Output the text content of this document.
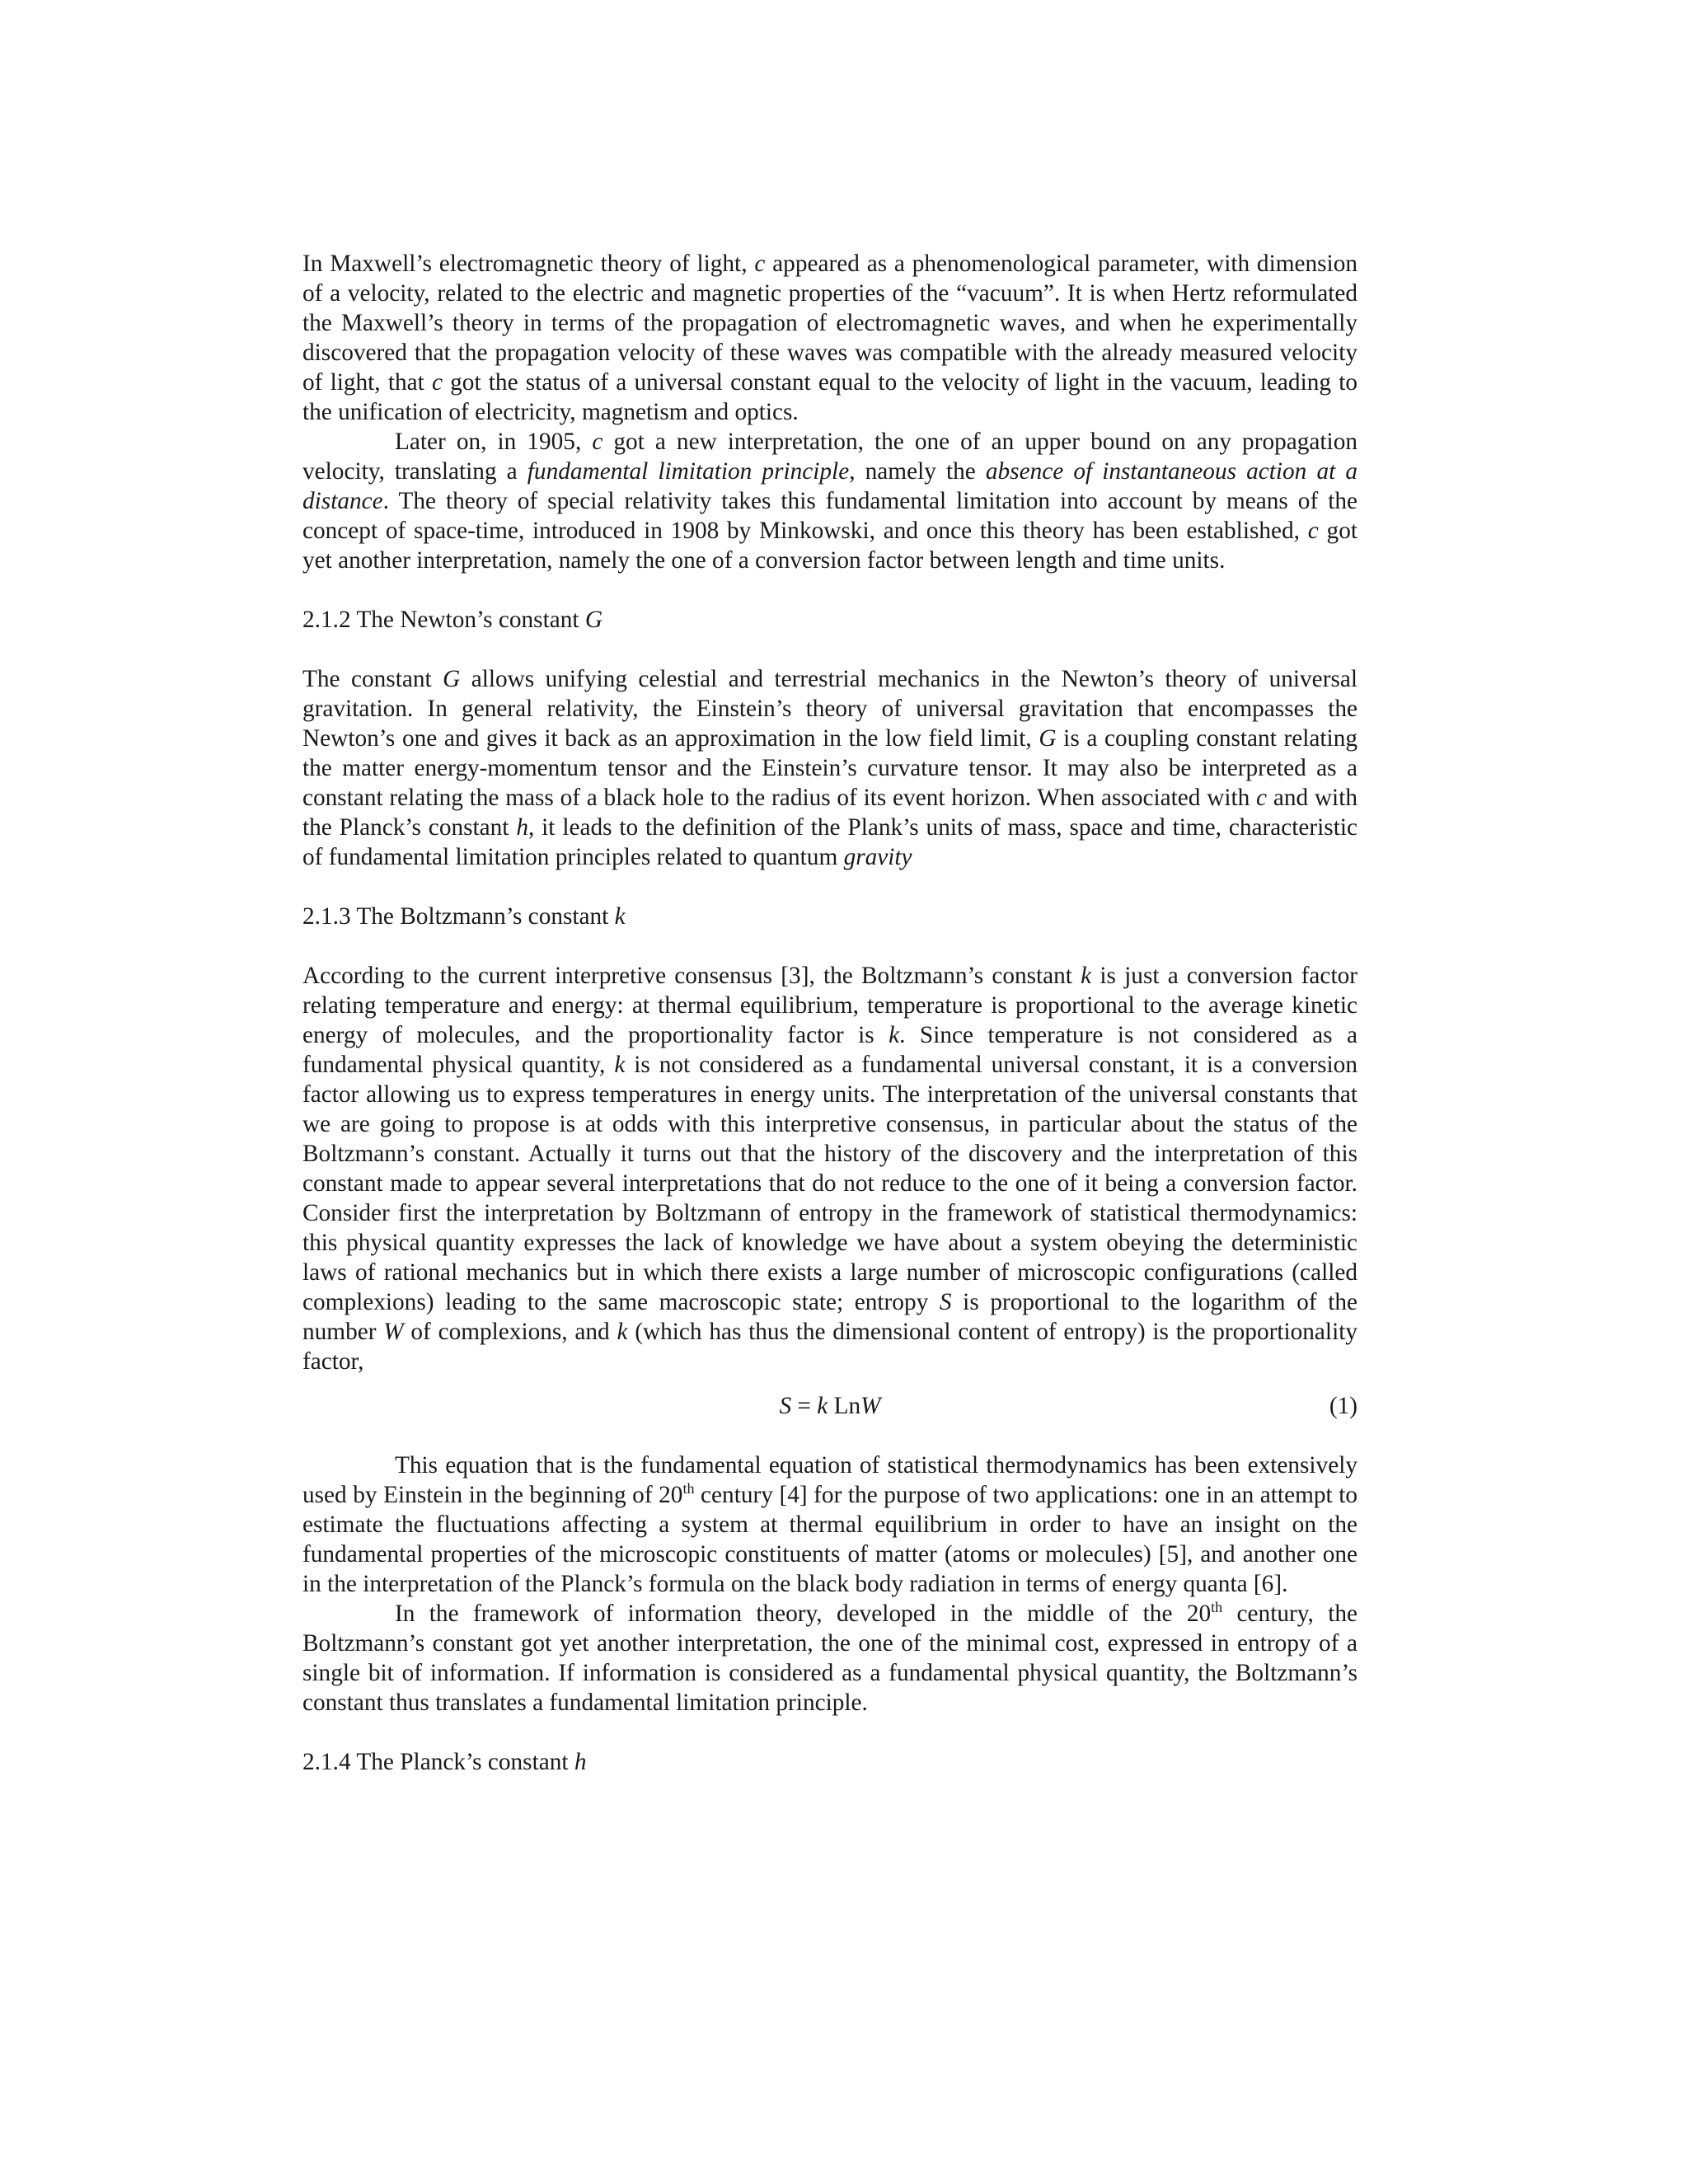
In Maxwell’s electromagnetic theory of light, c appeared as a phenomenological parameter, with dimension of a velocity, related to the electric and magnetic properties of the “vacuum”. It is when Hertz reformulated the Maxwell’s theory in terms of the propagation of electromagnetic waves, and when he experimentally discovered that the propagation velocity of these waves was compatible with the already measured velocity of light, that c got the status of a universal constant equal to the velocity of light in the vacuum, leading to the unification of electricity, magnetism and optics.

Later on, in 1905, c got a new interpretation, the one of an upper bound on any propagation velocity, translating a fundamental limitation principle, namely the absence of instantaneous action at a distance. The theory of special relativity takes this fundamental limitation into account by means of the concept of space-time, introduced in 1908 by Minkowski, and once this theory has been established, c got yet another interpretation, namely the one of a conversion factor between length and time units.

2.1.2 The Newton’s constant G

The constant G allows unifying celestial and terrestrial mechanics in the Newton’s theory of universal gravitation. In general relativity, the Einstein’s theory of universal gravitation that encompasses the Newton’s one and gives it back as an approximation in the low field limit, G is a coupling constant relating the matter energy-momentum tensor and the Einstein’s curvature tensor. It may also be interpreted as a constant relating the mass of a black hole to the radius of its event horizon. When associated with c and with the Planck’s constant h, it leads to the definition of the Plank’s units of mass, space and time, characteristic of fundamental limitation principles related to quantum gravity

2.1.3 The Boltzmann’s constant k

According to the current interpretive consensus [3], the Boltzmann’s constant k is just a conversion factor relating temperature and energy: at thermal equilibrium, temperature is proportional to the average kinetic energy of molecules, and the proportionality factor is k. Since temperature is not considered as a fundamental physical quantity, k is not considered as a fundamental universal constant, it is a conversion factor allowing us to express temperatures in energy units. The interpretation of the universal constants that we are going to propose is at odds with this interpretive consensus, in particular about the status of the Boltzmann’s constant. Actually it turns out that the history of the discovery and the interpretation of this constant made to appear several interpretations that do not reduce to the one of it being a conversion factor. Consider first the interpretation by Boltzmann of entropy in the framework of statistical thermodynamics: this physical quantity expresses the lack of knowledge we have about a system obeying the deterministic laws of rational mechanics but in which there exists a large number of microscopic configurations (called complexions) leading to the same macroscopic state; entropy S is proportional to the logarithm of the number W of complexions, and k (which has thus the dimensional content of entropy) is the proportionality factor,

S = k LnW	(1)

This equation that is the fundamental equation of statistical thermodynamics has been extensively used by Einstein in the beginning of 20th century [4] for the purpose of two applications: one in an attempt to estimate the fluctuations affecting a system at thermal equilibrium in order to have an insight on the fundamental properties of the microscopic constituents of matter (atoms or molecules) [5], and another one in the interpretation of the Planck’s formula on the black body radiation in terms of energy quanta [6].

In the framework of information theory, developed in the middle of the 20th century, the Boltzmann’s constant got yet another interpretation, the one of the minimal cost, expressed in entropy of a single bit of information. If information is considered as a fundamental physical quantity, the Boltzmann’s constant thus translates a fundamental limitation principle.

2.1.4 The Planck’s constant h
